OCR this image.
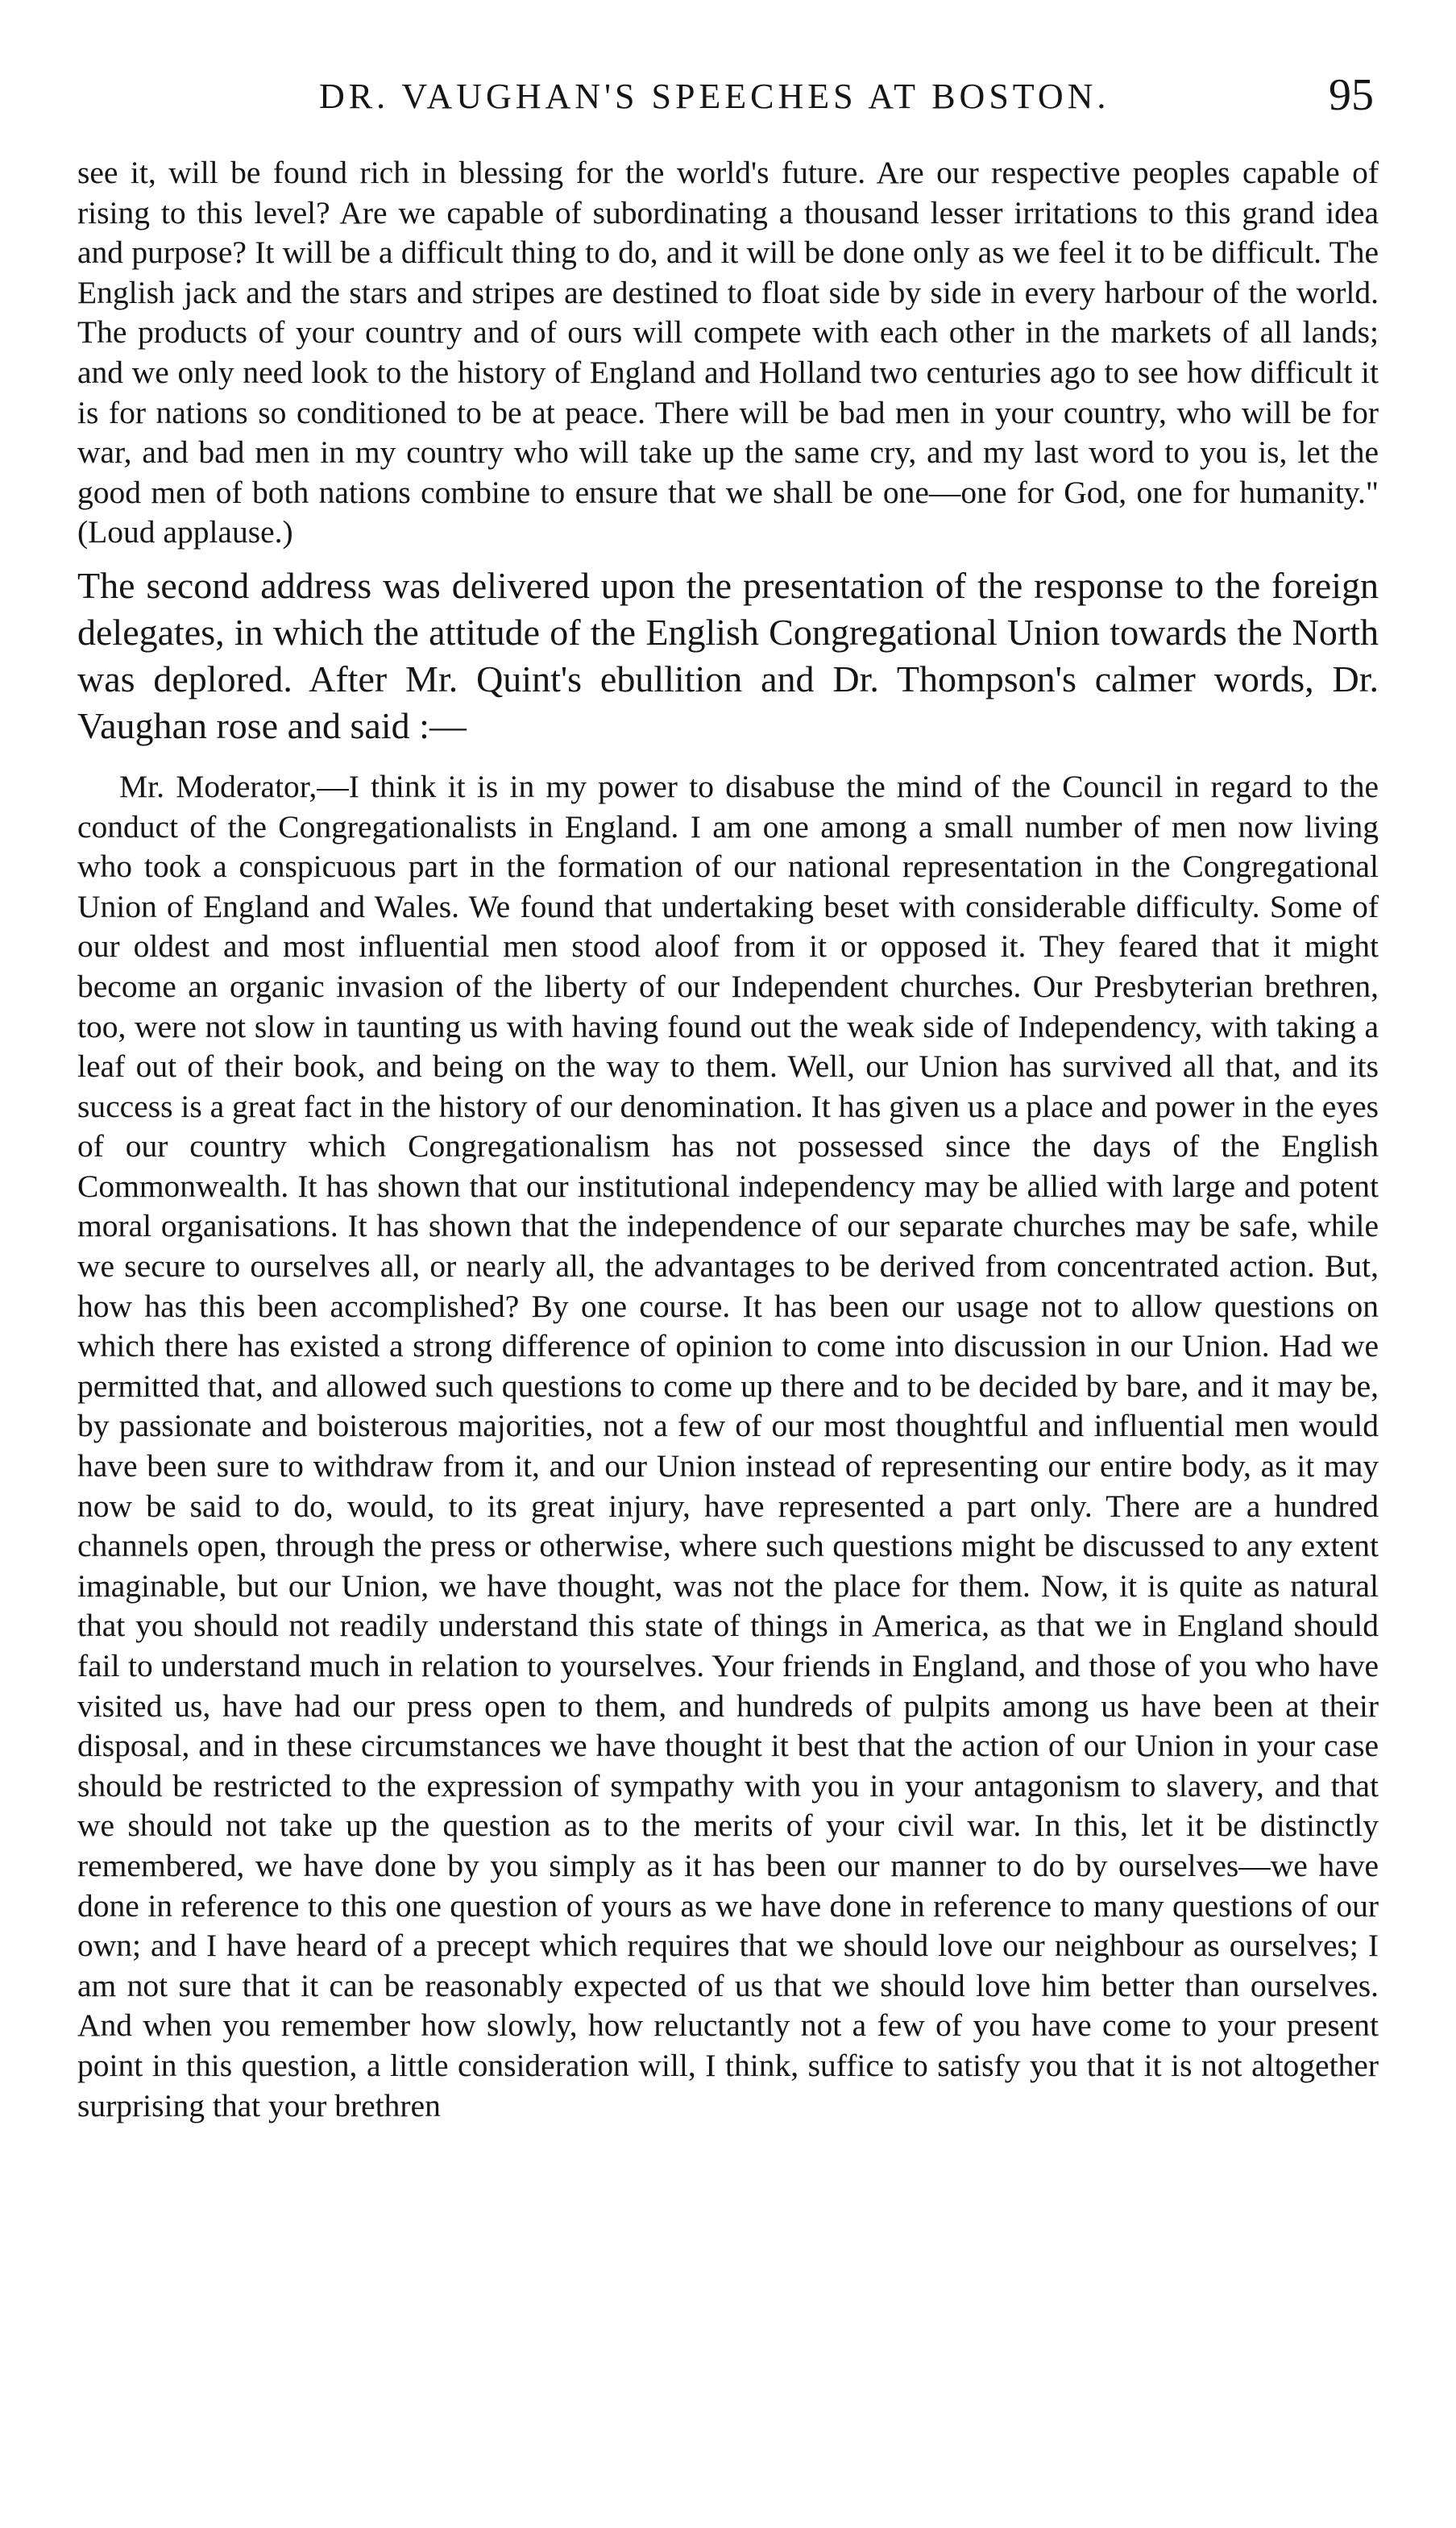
DR. VAUGHAN'S SPEECHES AT BOSTON.	95

see it, will be found rich in blessing for the world's future. Are our respective peoples capable of rising to this level? Are we capable of subordinating a thousand lesser irritations to this grand idea and purpose? It will be a difficult thing to do, and it will be done only as we feel it to be difficult. The English jack and the stars and stripes are destined to float side by side in every harbour of the world. The products of your country and of ours will compete with each other in the markets of all lands; and we only need look to the history of England and Holland two centuries ago to see how difficult it is for nations so conditioned to be at peace. There will be bad men in your country, who will be for war, and bad men in my country who will take up the same cry, and my last word to you is, let the good men of both nations combine to ensure that we shall be one—one for God, one for humanity." (Loud applause.)

The second address was delivered upon the presentation of the response to the foreign delegates, in which the attitude of the English Congregational Union towards the North was deplored. After Mr. Quint's ebullition and Dr. Thompson's calmer words, Dr. Vaughan rose and said :—

Mr. Moderator,—I think it is in my power to disabuse the mind of the Council in regard to the conduct of the Congregationalists in England. I am one among a small number of men now living who took a conspicuous part in the formation of our national representation in the Congregational Union of England and Wales. We found that undertaking beset with considerable difficulty. Some of our oldest and most influential men stood aloof from it or opposed it. They feared that it might become an organic invasion of the liberty of our Independent churches. Our Presbyterian brethren, too, were not slow in taunting us with having found out the weak side of Independency, with taking a leaf out of their book, and being on the way to them. Well, our Union has survived all that, and its success is a great fact in the history of our denomination. It has given us a place and power in the eyes of our country which Congregationalism has not possessed since the days of the English Commonwealth. It has shown that our institutional independency may be allied with large and potent moral organisations. It has shown that the independence of our separate churches may be safe, while we secure to ourselves all, or nearly all, the advantages to be derived from concentrated action. But, how has this been accomplished? By one course. It has been our usage not to allow questions on which there has existed a strong difference of opinion to come into discussion in our Union. Had we permitted that, and allowed such questions to come up there and to be decided by bare, and it may be, by passionate and boisterous majorities, not a few of our most thoughtful and influential men would have been sure to withdraw from it, and our Union instead of representing our entire body, as it may now be said to do, would, to its great injury, have represented a part only. There are a hundred channels open, through the press or otherwise, where such questions might be discussed to any extent imaginable, but our Union, we have thought, was not the place for them. Now, it is quite as natural that you should not readily understand this state of things in America, as that we in England should fail to understand much in relation to yourselves. Your friends in England, and those of you who have visited us, have had our press open to them, and hundreds of pulpits among us have been at their disposal, and in these circumstances we have thought it best that the action of our Union in your case should be restricted to the expression of sympathy with you in your antagonism to slavery, and that we should not take up the question as to the merits of your civil war. In this, let it be distinctly remembered, we have done by you simply as it has been our manner to do by ourselves—we have done in reference to this one question of yours as we have done in reference to many questions of our own; and I have heard of a precept which requires that we should love our neighbour as ourselves; I am not sure that it can be reasonably expected of us that we should love him better than ourselves. And when you remember how slowly, how reluctantly not a few of you have come to your present point in this question, a little consideration will, I think, suffice to satisfy you that it is not altogether surprising that your brethren
